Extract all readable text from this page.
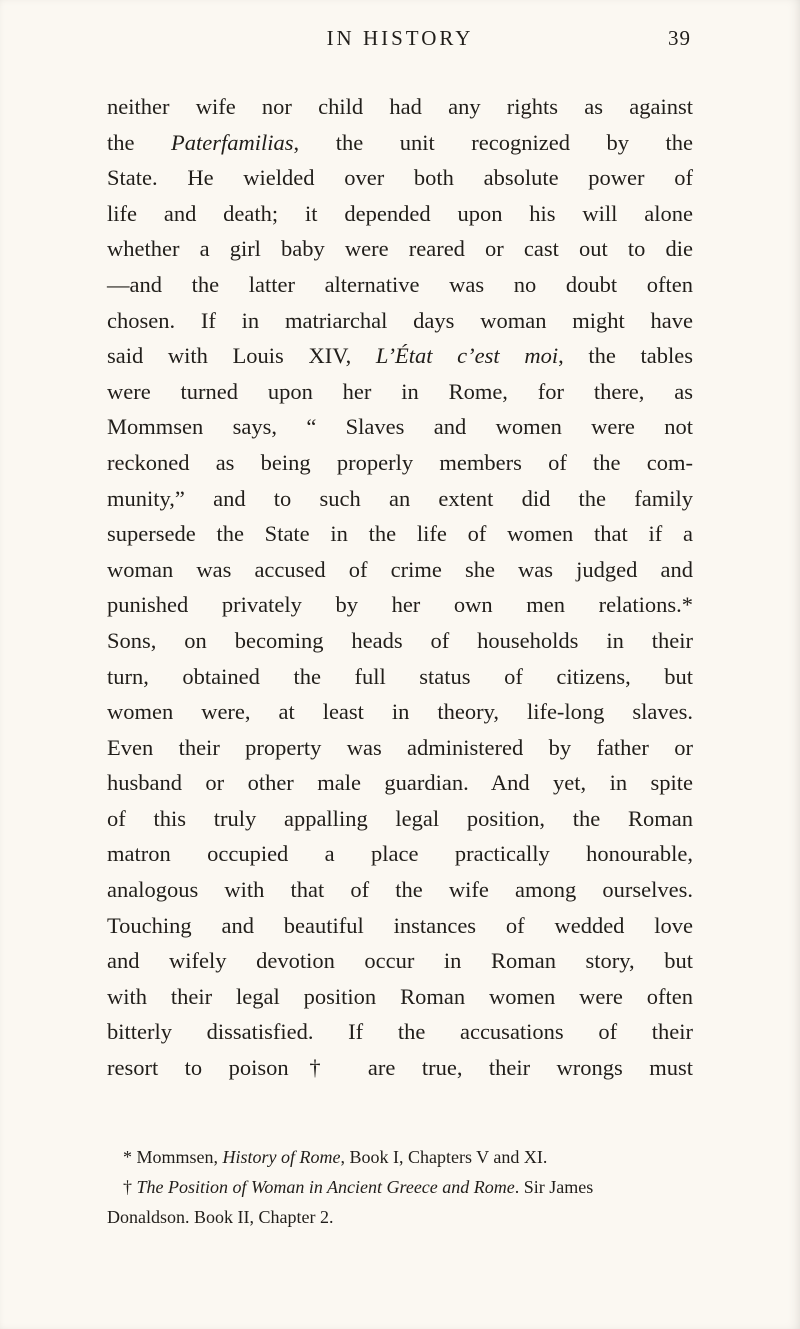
IN HISTORY	39
neither wife nor child had any rights as against
the Paterfamilias, the unit recognized by the
State. He wielded over both absolute power of
life and death; it depended upon his will alone
whether a girl baby were reared or cast out to die
—and the latter alternative was no doubt often
chosen. If in matriarchal days woman might have
said with Louis XIV, L’État c’est moi, the tables
were turned upon her in Rome, for there, as
Mommsen says, “ Slaves and women were not
reckoned as being properly members of the com-
munity,” and to such an extent did the family
supersede the State in the life of women that if a
woman was accused of crime she was judged and
punished privately by her own men relations.*
Sons, on becoming heads of households in their
turn, obtained the full status of citizens, but
women were, at least in theory, life-long slaves.
Even their property was administered by father or
husband or other male guardian. And yet, in spite
of this truly appalling legal position, the Roman
matron occupied a place practically honourable,
analogous with that of the wife among ourselves.
Touching and beautiful instances of wedded love
and wifely devotion occur in Roman story, but
with their legal position Roman women were often
bitterly dissatisfied. If the accusations of their
resort to poison† are true, their wrongs must
* Mommsen, History of Rome, Book I, Chapters V and XI.
† The Position of Woman in Ancient Greece and Rome. Sir James
Donaldson. Book II, Chapter 2.
